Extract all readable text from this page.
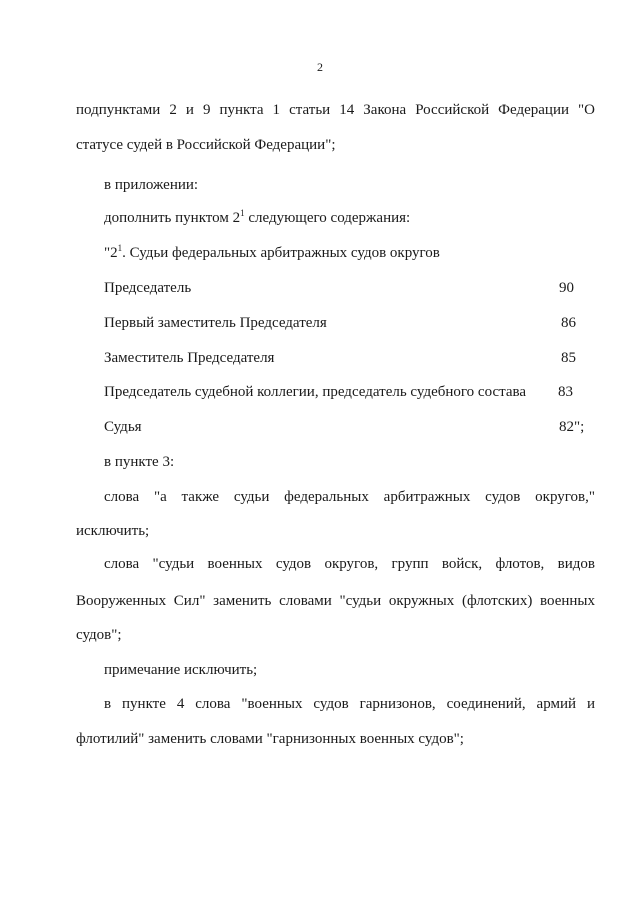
2
подпунктами 2 и 9 пункта 1 статьи 14 Закона Российской Федерации "О
статусе судей в Российской Федерации";
в приложении:
дополнить пунктом $2^1$ следующего содержания:
"$2^1$. Судьи федеральных арбитражных судов округов
Председатель	90
Первый заместитель Председателя	86
Заместитель Председателя	85
Председатель судебной коллегии, председатель судебного состава 83
Судья	82";
в пункте 3:
слова "а также судьи федеральных арбитражных судов округов,"
исключить;
слова "судьи военных судов округов, групп войск, флотов, видов
Вооруженных Сил" заменить словами "судьи окружных (флотских) военных
судов";
примечание исключить;
в пункте 4 слова "военных судов гарнизонов, соединений, армий и
флотилий" заменить словами "гарнизонных военных судов";
